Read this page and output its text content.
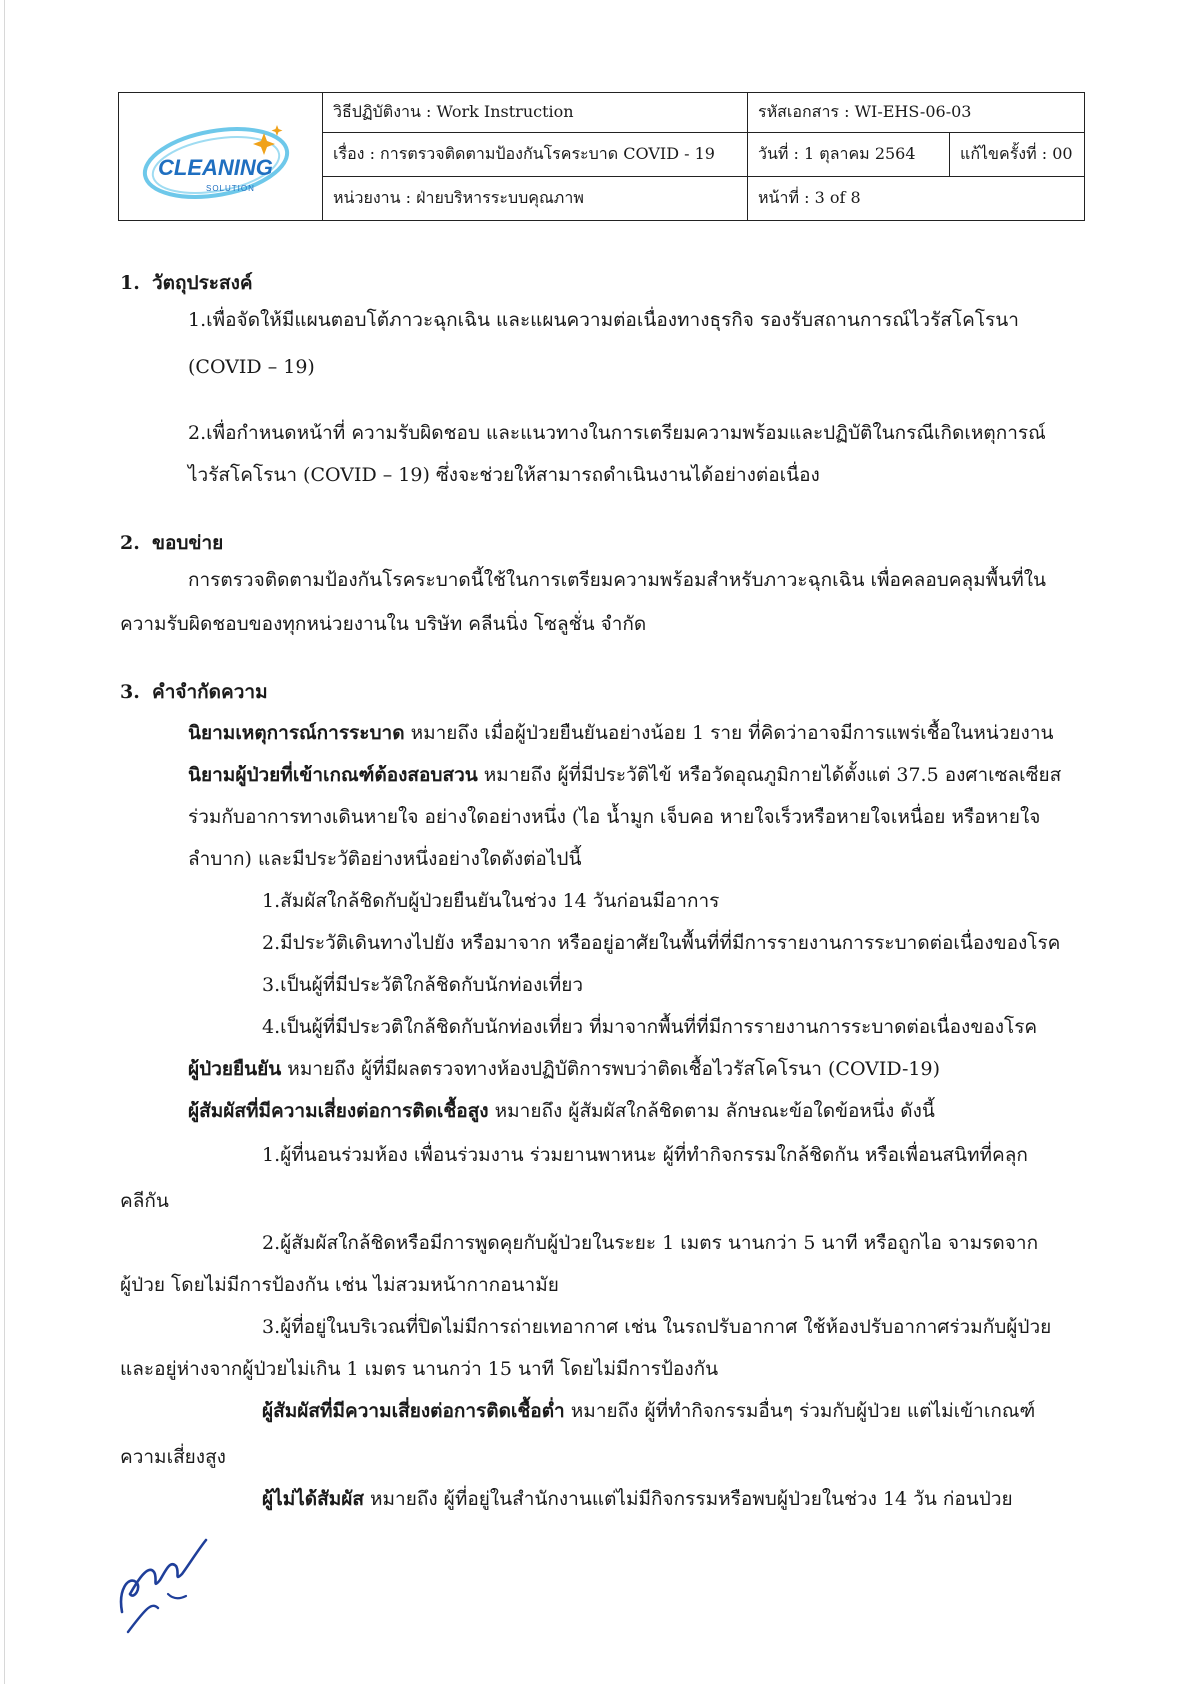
CLEANING
SOLUTION	วิธีปฏิบัติงาน : Work Instruction	รหัสเอกสาร : WI-EHS-06-03	
	เรื่อง : การตรวจติดตามป้องกันโรคระบาด COVID - 19	วันที่ : 1 ตุลาคม 2564	แก้ไขครั้งที่ : 00
	หน่วยงาน : ฝ่ายบริหารระบบคุณภาพ	หน้าที่ : 3 of 8	
1. วัตถุประสงค์
1.เพื่อจัดให้มีแผนตอบโต้ภาวะฉุกเฉิน และแผนความต่อเนื่องทางธุรกิจ รองรับสถานการณ์ไวรัสโคโรนา
(COVID – 19)
2.เพื่อกำหนดหน้าที่ ความรับผิดชอบ และแนวทางในการเตรียมความพร้อมและปฏิบัติในกรณีเกิดเหตุการณ์
ไวรัสโคโรนา (COVID – 19) ซึ่งจะช่วยให้สามารถดำเนินงานได้อย่างต่อเนื่อง
2. ขอบข่าย
การตรวจติดตามป้องกันโรคระบาดนี้ใช้ในการเตรียมความพร้อมสำหรับภาวะฉุกเฉิน เพื่อคลอบคลุมพื้นที่ใน
ความรับผิดชอบของทุกหน่วยงานใน บริษัท คลีนนิ่ง โซลูชั่น จำกัด
3. คำจำกัดความ
นิยามเหตุการณ์การระบาด หมายถึง เมื่อผู้ป่วยยืนยันอย่างน้อย 1 ราย ที่คิดว่าอาจมีการแพร่เชื้อในหน่วยงาน
นิยามผู้ป่วยที่เข้าเกณฑ์ต้องสอบสวน หมายถึง ผู้ที่มีประวัติไข้ หรือวัดอุณภูมิกายได้ตั้งแต่ 37.5 องศาเซลเซียส
ร่วมกับอาการทางเดินหายใจ อย่างใดอย่างหนึ่ง (ไอ น้ำมูก เจ็บคอ หายใจเร็วหรือหายใจเหนื่อย หรือหายใจ
ลำบาก) และมีประวัติอย่างหนึ่งอย่างใดดังต่อไปนี้
1.สัมผัสใกล้ชิดกับผู้ป่วยยืนยันในช่วง 14 วันก่อนมีอาการ
2.มีประวัติเดินทางไปยัง หรือมาจาก หรืออยู่อาศัยในพื้นที่ที่มีการรายงานการระบาดต่อเนื่องของโรค
3.เป็นผู้ที่มีประวัติใกล้ชิดกับนักท่องเที่ยว
4.เป็นผู้ที่มีประวติใกล้ชิดกับนักท่องเที่ยว ที่มาจากพื้นที่ที่มีการรายงานการระบาดต่อเนื่องของโรค
ผู้ป่วยยืนยัน หมายถึง ผู้ที่มีผลตรวจทางห้องปฏิบัติการพบว่าติดเชื้อไวรัสโคโรนา (COVID-19)
ผู้สัมผัสที่มีความเสี่ยงต่อการติดเชื้อสูง หมายถึง ผู้สัมผัสใกล้ชิดตาม ลักษณะข้อใดข้อหนึ่ง ดังนี้
1.ผู้ที่นอนร่วมห้อง เพื่อนร่วมงาน ร่วมยานพาหนะ ผู้ที่ทำกิจกรรมใกล้ชิดกัน หรือเพื่อนสนิทที่คลุก
คลีกัน
2.ผู้สัมผัสใกล้ชิดหรือมีการพูดคุยกับผู้ป่วยในระยะ 1 เมตร นานกว่า 5 นาที หรือถูกไอ จามรดจาก
ผู้ป่วย โดยไม่มีการป้องกัน เช่น ไม่สวมหน้ากากอนามัย
3.ผู้ที่อยู่ในบริเวณที่ปิดไม่มีการถ่ายเทอากาศ เช่น ในรถปรับอากาศ ใช้ห้องปรับอากาศร่วมกับผู้ป่วย
และอยู่ห่างจากผู้ป่วยไม่เกิน 1 เมตร นานกว่า 15 นาที โดยไม่มีการป้องกัน
ผู้สัมผัสที่มีความเสี่ยงต่อการติดเชื้อต่ำ หมายถึง ผู้ที่ทำกิจกรรมอื่นๆ ร่วมกับผู้ป่วย แต่ไม่เข้าเกณฑ์
ความเสี่ยงสูง
ผู้ไม่ได้สัมผัส หมายถึง ผู้ที่อยู่ในสำนักงานแต่ไม่มีกิจกรรมหรือพบผู้ป่วยในช่วง 14 วัน ก่อนป่วย
